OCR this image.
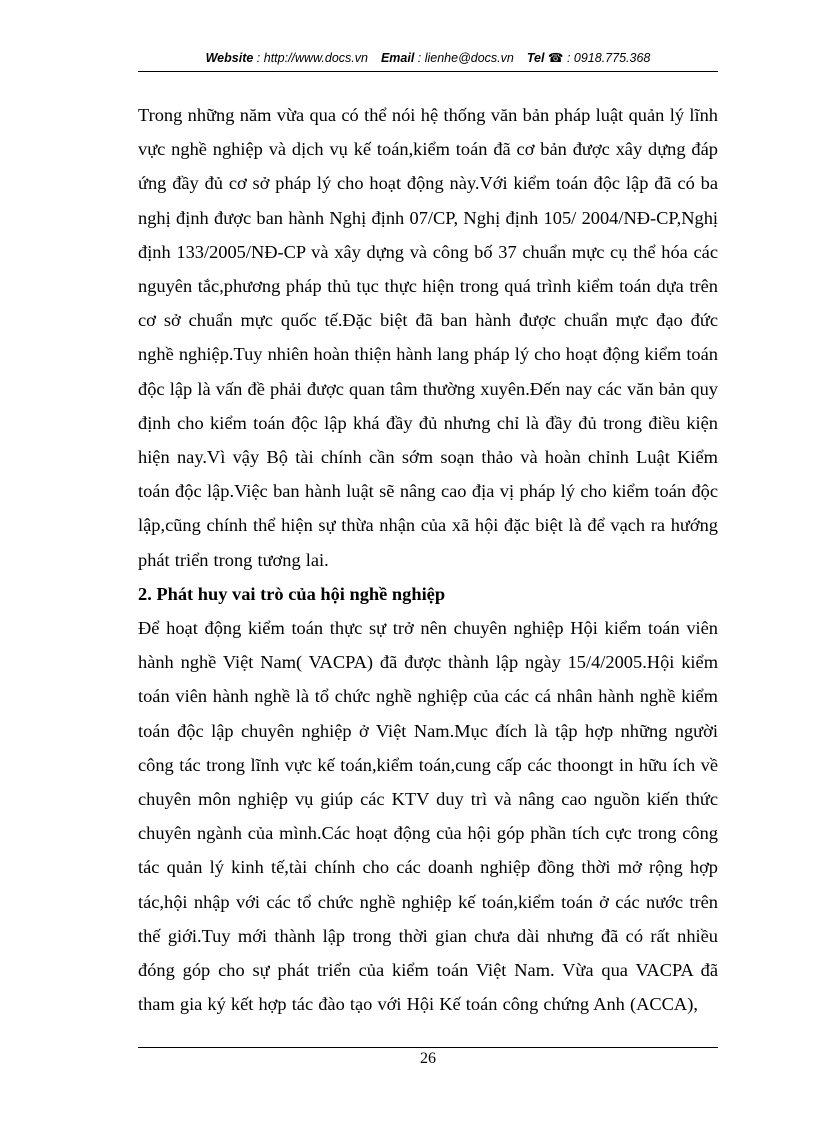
Website : http://www.docs.vn Email : lienhe@docs.vn Tel ☎ : 0918.775.368

Trong những năm vừa qua có thể nói hệ thống văn bản pháp luật quản lý lĩnh vực nghề nghiệp và dịch vụ kế toán,kiểm toán đã cơ bản được xây dựng đáp ứng đầy đủ cơ sở pháp lý cho hoạt động này.Với kiểm toán độc lập đã có ba nghị định được ban hành Nghị định 07/CP, Nghị định 105/ 2004/NĐ-CP,Nghị định 133/2005/NĐ-CP và xây dựng và công bố 37 chuẩn mực cụ thể hóa các nguyên tắc,phương pháp thủ tục thực hiện trong quá trình kiểm toán dựa trên cơ sở chuẩn mực quốc tế.Đặc biệt đã ban hành được chuẩn mực đạo đức nghề nghiệp.Tuy nhiên hoàn thiện hành lang pháp lý cho hoạt động kiểm toán độc lập là vấn đề phải được quan tâm thường xuyên.Đến nay các văn bản quy định cho kiểm toán độc lập khá đầy đủ nhưng chỉ là đầy đủ trong điều kiện hiện nay.Vì vậy Bộ tài chính cần sớm soạn thảo và hoàn chỉnh Luật Kiểm toán độc lập.Việc ban hành luật sẽ nâng cao địa vị pháp lý cho kiểm toán độc lập,cũng chính thể hiện sự thừa nhận của xã hội đặc biệt là để vạch ra hướng phát triển trong tương lai.

2. Phát huy vai trò của hội nghề nghiệp

Để hoạt động kiểm toán thực sự trở nên chuyên nghiệp Hội kiểm toán viên hành nghề Việt Nam( VACPA) đã được thành lập ngày 15/4/2005.Hội kiểm toán viên hành nghề là tổ chức nghề nghiệp của các cá nhân hành nghề kiểm toán độc lập chuyên nghiệp ở Việt Nam.Mục đích là tập hợp những người công tác trong lĩnh vực kế toán,kiểm toán,cung cấp các thoongt in hữu ích về chuyên môn nghiệp vụ giúp các KTV duy trì và nâng cao nguồn kiến thức chuyên ngành của mình.Các hoạt động của hội góp phần tích cực trong công tác quản lý kinh tế,tài chính cho các doanh nghiệp đồng thời mở rộng hợp tác,hội nhập với các tổ chức nghề nghiệp kế toán,kiểm toán ở các nước trên thế giới.Tuy mới thành lập trong thời gian chưa dài nhưng đã có rất nhiều đóng góp cho sự phát triển của kiểm toán Việt Nam. Vừa qua VACPA đã tham gia ký kết hợp tác đào tạo với Hội Kế toán công chứng Anh (ACCA),

26
